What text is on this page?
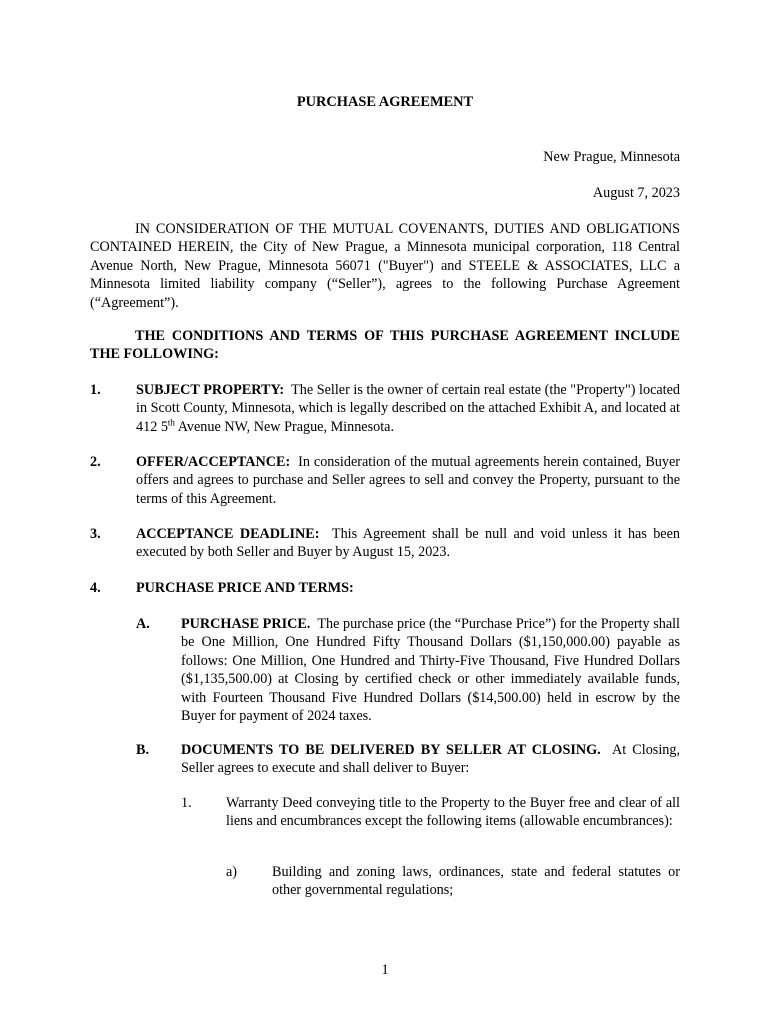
PURCHASE AGREEMENT
New Prague, Minnesota
August 7, 2023
IN CONSIDERATION OF THE MUTUAL COVENANTS, DUTIES AND OBLIGATIONS CONTAINED HEREIN, the City of New Prague, a Minnesota municipal corporation, 118 Central Avenue North, New Prague, Minnesota 56071 ("Buyer") and STEELE & ASSOCIATES, LLC a Minnesota limited liability company (“Seller”), agrees to the following Purchase Agreement (“Agreement”).
THE CONDITIONS AND TERMS OF THIS PURCHASE AGREEMENT INCLUDE THE FOLLOWING:
1. SUBJECT PROPERTY: The Seller is the owner of certain real estate (the "Property") located in Scott County, Minnesota, which is legally described on the attached Exhibit A, and located at 412 5th Avenue NW, New Prague, Minnesota.
2. OFFER/ACCEPTANCE: In consideration of the mutual agreements herein contained, Buyer offers and agrees to purchase and Seller agrees to sell and convey the Property, pursuant to the terms of this Agreement.
3. ACCEPTANCE DEADLINE: This Agreement shall be null and void unless it has been executed by both Seller and Buyer by August 15, 2023.
4. PURCHASE PRICE AND TERMS:
A. PURCHASE PRICE. The purchase price (the “Purchase Price”) for the Property shall be One Million, One Hundred Fifty Thousand Dollars ($1,150,000.00) payable as follows: One Million, One Hundred and Thirty-Five Thousand, Five Hundred Dollars ($1,135,500.00) at Closing by certified check or other immediately available funds, with Fourteen Thousand Five Hundred Dollars ($14,500.00) held in escrow by the Buyer for payment of 2024 taxes.
B. DOCUMENTS TO BE DELIVERED BY SELLER AT CLOSING. At Closing, Seller agrees to execute and shall deliver to Buyer:
1. Warranty Deed conveying title to the Property to the Buyer free and clear of all liens and encumbrances except the following items (allowable encumbrances):
a) Building and zoning laws, ordinances, state and federal statutes or other governmental regulations;
1
